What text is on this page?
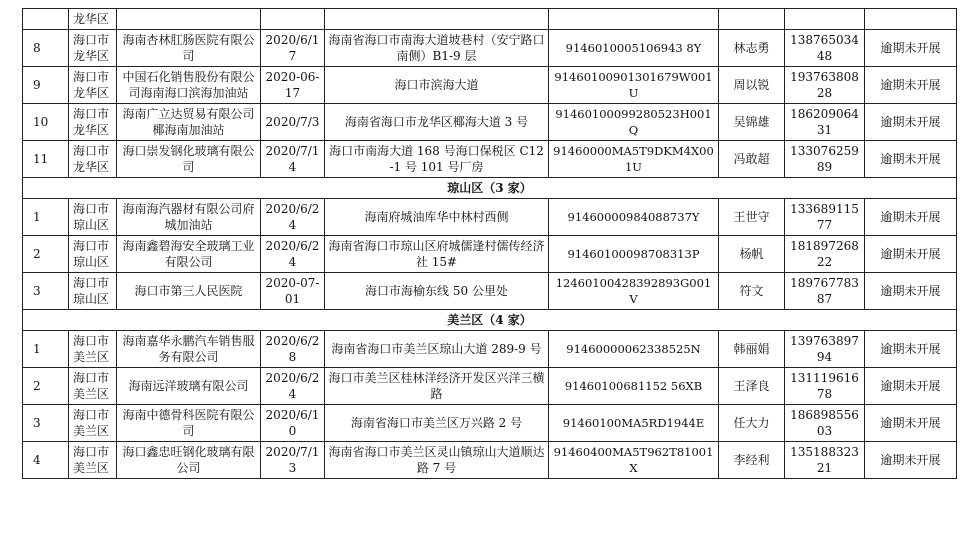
	龙华区							
8	海口市龙华区	海南杏林肛肠医院有限公司	2020/6/17	海南省海口市南海大道坡巷村（安宁路口南侧）B1-9 层	9146010005106943 8Y	林志勇	13876503448	逾期未开展
9	海口市龙华区	中国石化销售股份有限公司海南海口滨海加油站	2020-06-17	海口市滨海大道	91460100901301679W001U	周以锐	19376380828	逾期未开展
10	海口市龙华区	海南广立达贸易有限公司椰海南加油站	2020/7/3	海南省海口市龙华区椰海大道 3 号	91460100099280523H001Q	吴锦雄	18620906431	逾期未开展
11	海口市龙华区	海口崇发钢化玻璃有限公司	2020/7/14	海口市南海大道 168 号海口保税区 C12-1 号 101 号厂房	91460000MA5T9DKM4X001U	冯敢超	13307625989	逾期未开展
琼山区（3 家）								
1	海口市琼山区	海南海汽器材有限公司府城加油站	2020/6/24	海南府城油库华中林村西侧	91460000984088737Y	王世守	13368911577	逾期未开展
2	海口市琼山区	海南鑫碧海安全玻璃工业有限公司	2020/6/24	海南省海口市琼山区府城儒逢村儒传经济社 15#	91460100098708313P	杨帆	18189726822	逾期未开展
3	海口市琼山区	海口市第三人民医院	2020-07-01	海口市海榆东线 50 公里处	12460100428392893G001V	符文	18976778387	逾期未开展
美兰区（4 家）								
1	海口市美兰区	海南嘉华永鹏汽车销售服务有限公司	2020/6/28	海南省海口市美兰区琼山大道 289-9 号	91460000062338525N	韩丽娟	13976389794	逾期未开展
2	海口市美兰区	海南远洋玻璃有限公司	2020/6/24	海口市美兰区桂林洋经济开发区兴洋三横路	91460100681152 56XB	王泽良	13111961678	逾期未开展
3	海口市美兰区	海南中德骨科医院有限公司	2020/6/10	海南省海口市美兰区万兴路 2 号	91460100MA5RD1944E	任大力	18689855603	逾期未开展
4	海口市美兰区	海口鑫忠旺钢化玻璃有限公司	2020/7/13	海南省海口市美兰区灵山镇琼山大道顺达路 7 号	91460400MA5T962T81001X	李经利	13518832321	逾期未开展
